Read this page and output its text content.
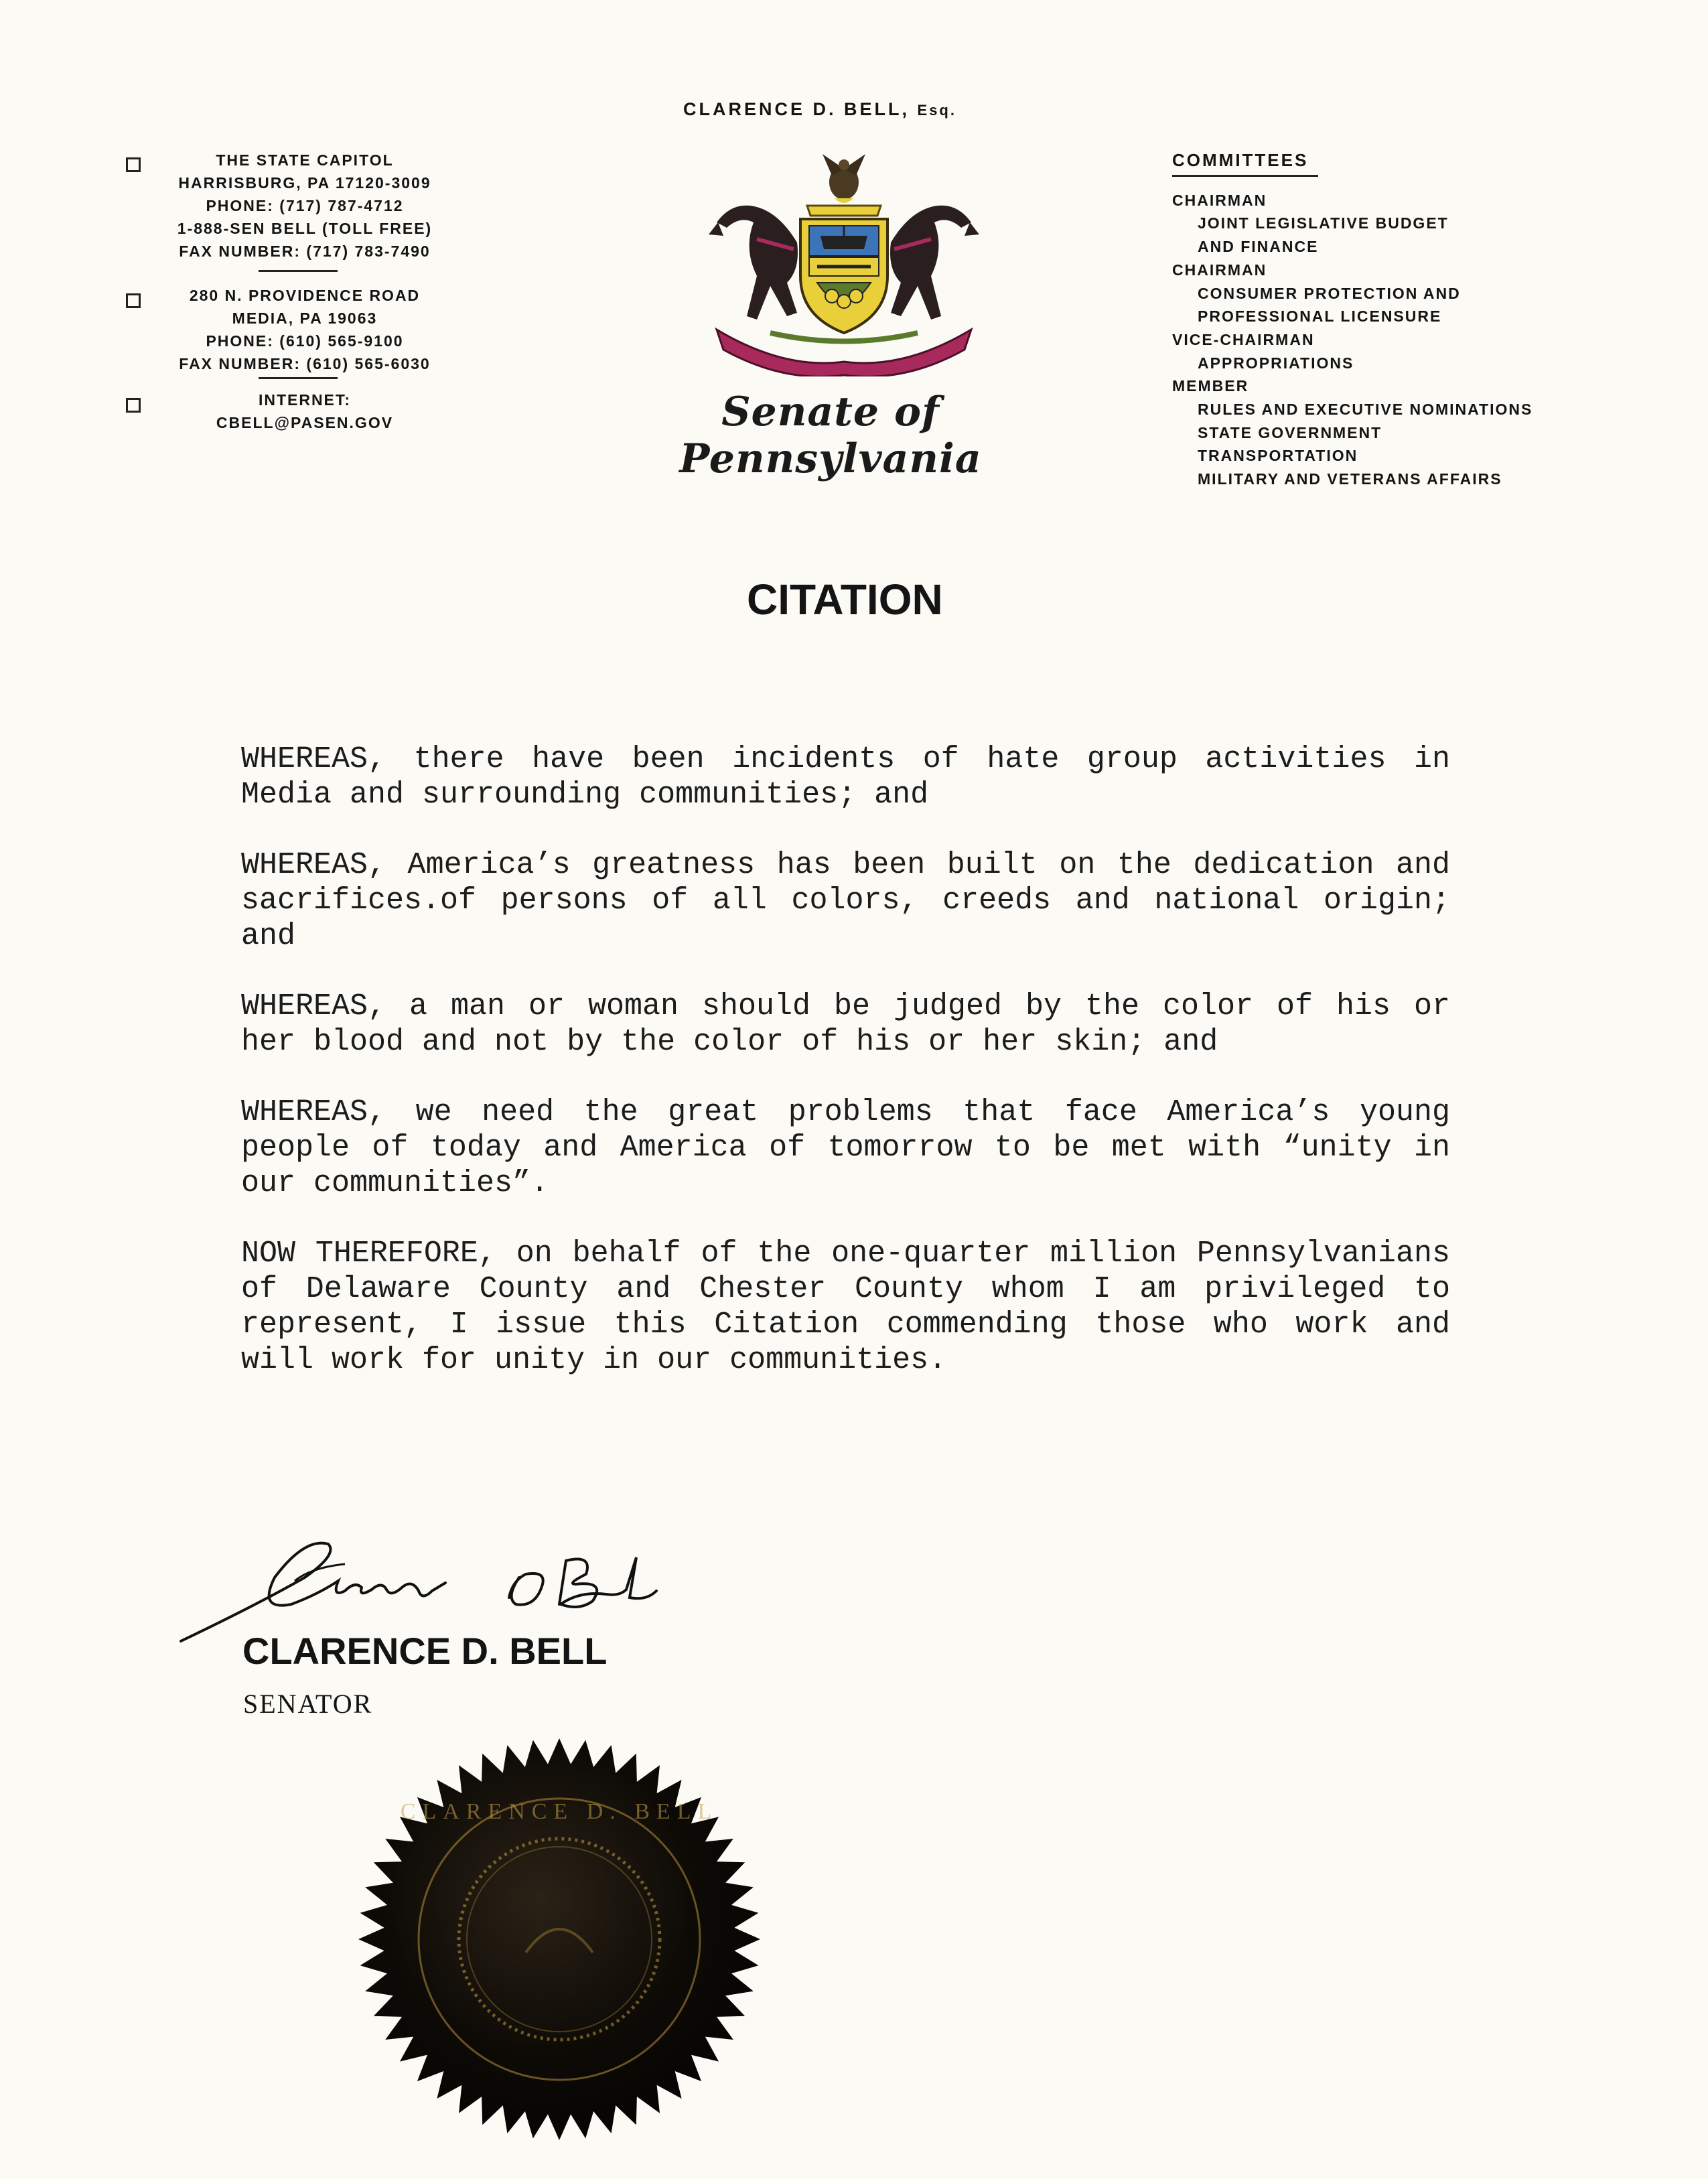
CLARENCE D. BELL, Esq.
THE STATE CAPITOL
HARRISBURG, PA 17120-3009
PHONE: (717) 787-4712
1-888-SEN BELL (TOLL FREE)
FAX NUMBER: (717) 783-7490
280 N. PROVIDENCE ROAD
MEDIA, PA 19063
PHONE: (610) 565-9100
FAX NUMBER: (610) 565-6030
INTERNET:
CBELL@PASEN.GOV	Senate of Pennsylvania
COMMITTEES
CHAIRMAN
JOINT LEGISLATIVE BUDGET
AND FINANCE
CHAIRMAN
CONSUMER PROTECTION AND
PROFESSIONAL LICENSURE
VICE-CHAIRMAN
APPROPRIATIONS
MEMBER
RULES AND EXECUTIVE NOMINATIONS
STATE GOVERNMENT
TRANSPORTATION
MILITARY AND VETERANS AFFAIRS
CITATION

WHEREAS, there have been incidents of hate group activities in Media and surrounding communities; and

WHEREAS, America’s greatness has been built on the dedication and sacrifices.of persons of all colors, creeds and national origin; and

WHEREAS, a man or woman should be judged by the color of his or her blood and not by the color of his or her skin; and

WHEREAS, we need the great problems that face America’s young people of today and America of tomorrow to be met with “unity in our communities”.

NOW THEREFORE, on behalf of the one-quarter million Pennsylvanians of Delaware County and Chester County whom I am privileged to represent, I issue this Citation commending those who work and will work for unity in our communities.

CLARENCE D. BELL
SENATOR
CLARENCE D. BELL
